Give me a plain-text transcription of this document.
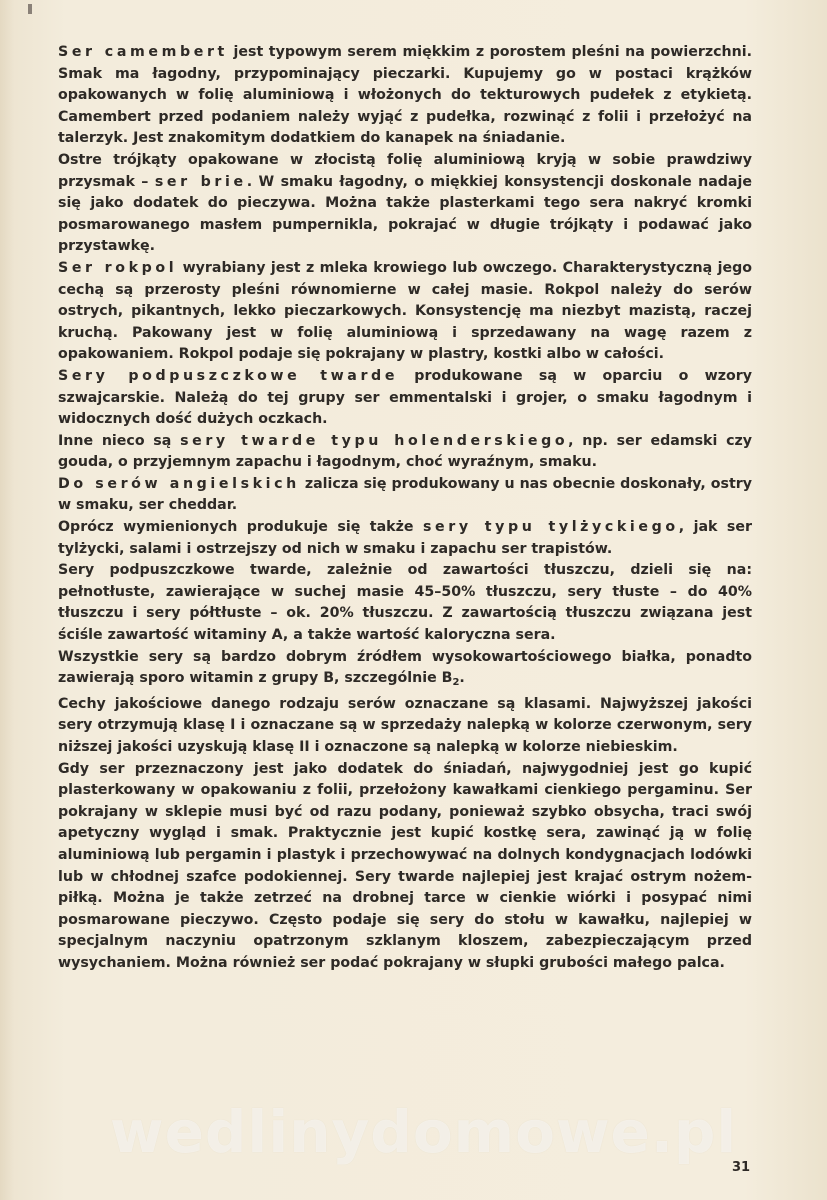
Ser camembert jest typowym serem miękkim z porostem pleśni na powierzchni. Smak ma łagodny, przypominający pieczarki. Kupujemy go w postaci krążków opakowanych w folię aluminiową i włożonych do tekturowych pudełek z etykietą. Camembert przed podaniem należy wyjąć z pudełka, rozwinąć z folii i przełożyć na talerzyk. Jest znakomitym dodatkiem do kanapek na śniadanie.

Ostre trójkąty opakowane w złocistą folię aluminiową kryją w sobie prawdziwy przysmak – ser brie. W smaku łagodny, o miękkiej konsystencji doskonale nadaje się jako dodatek do pieczywa. Można także plasterkami tego sera nakryć kromki posmarowanego masłem pumpernikla, pokrajać w długie trójkąty i podawać jako przystawkę.

Ser rokpol wyrabiany jest z mleka krowiego lub owczego. Charakterystyczną jego cechą są przerosty pleśni równomierne w całej masie. Rokpol należy do serów ostrych, pikantnych, lekko pieczarkowych. Konsystencję ma niezbyt mazistą, raczej kruchą. Pakowany jest w folię aluminiową i sprzedawany na wagę razem z opakowaniem. Rokpol podaje się pokrajany w plastry, kostki albo w całości.

Sery podpuszczkowe twarde produkowane są w oparciu o wzory szwajcarskie. Należą do tej grupy ser emmentalski i grojer, o smaku łagodnym i widocznych dość dużych oczkach.

Inne nieco są sery twarde typu holenderskiego, np. ser edamski czy gouda, o przyjemnym zapachu i łagodnym, choć wyraźnym, smaku.

Do serów angielskich zalicza się produkowany u nas obecnie doskonały, ostry w smaku, ser cheddar.

Oprócz wymienionych produkuje się także sery typu tylżyckiego, jak ser tylżycki, salami i ostrzejszy od nich w smaku i zapachu ser trapistów.

Sery podpuszczkowe twarde, zależnie od zawartości tłuszczu, dzieli się na: pełnotłuste, zawierające w suchej masie 45–50% tłuszczu, sery tłuste – do 40% tłuszczu i sery półtłuste – ok. 20% tłuszczu. Z zawartością tłuszczu związana jest ściśle zawartość witaminy A, a także wartość kaloryczna sera.

Wszystkie sery są bardzo dobrym źródłem wysokowartościowego białka, ponadto zawierają sporo witamin z grupy B, szczególnie $B_2$.

Cechy jakościowe danego rodzaju serów oznaczane są klasami. Najwyższej jakości sery otrzymują klasę I i oznaczane są w sprzedaży nalepką w kolorze czerwonym, sery niższej jakości uzyskują klasę II i oznaczone są nalepką w kolorze niebieskim.

Gdy ser przeznaczony jest jako dodatek do śniadań, najwygodniej jest go kupić plasterkowany w opakowaniu z folii, przełożony kawałkami cienkiego pergaminu. Ser pokrajany w sklepie musi być od razu podany, ponieważ szybko obsycha, traci swój apetyczny wygląd i smak. Praktycznie jest kupić kostkę sera, zawinąć ją w folię aluminiową lub pergamin i plastyk i przechowywać na dolnych kondygnacjach lodówki lub w chłodnej szafce podokiennej. Sery twarde najlepiej jest krajać ostrym nożem-piłką. Można je także zetrzeć na drobnej tarce w cienkie wiórki i posypać nimi posmarowane pieczywo. Często podaje się sery do stołu w kawałku, najlepiej w specjalnym naczyniu opatrzonym szklanym kloszem, zabezpieczającym przed wysychaniem. Można również ser podać pokrajany w słupki grubości małego palca.

wedlinydomowe.pl
31
